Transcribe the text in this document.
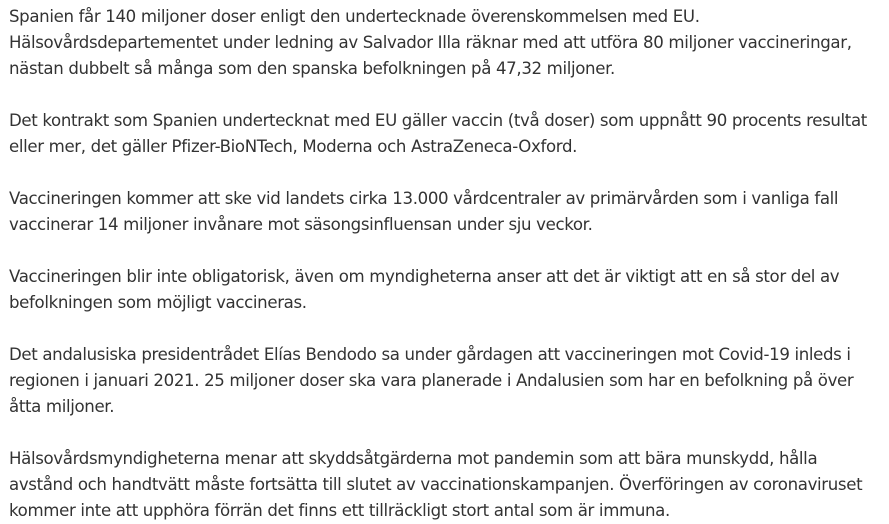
Spanien får 140 miljoner doser enligt den undertecknade överenskommelsen med EU. Hälsovårdsdepartementet under ledning av Salvador Illa räknar med att utföra 80 miljoner vaccineringar, nästan dubbelt så många som den spanska befolkningen på 47,32 miljoner.

Det kontrakt som Spanien undertecknat med EU gäller vaccin (två doser) som uppnått 90 procents resultat eller mer, det gäller Pfizer-BioNTech, Moderna och AstraZeneca-Oxford.

Vaccineringen kommer att ske vid landets cirka 13.000 vårdcentraler av primärvården som i vanliga fall vaccinerar 14 miljoner invånare mot säsongsinfluensan under sju veckor.

Vaccineringen blir inte obligatorisk, även om myndigheterna anser att det är viktigt att en så stor del av befolkningen som möjligt vaccineras.

Det andalusiska presidentrådet Elías Bendodo sa under gårdagen att vaccineringen mot Covid-19 inleds i regionen i januari 2021. 25 miljoner doser ska vara planerade i Andalusien som har en befolkning på över åtta miljoner.

Hälsovårdsmyndigheterna menar att skyddsåtgärderna mot pandemin som att bära munskydd, hålla avstånd och handtvätt måste fortsätta till slutet av vaccinationskampanjen. Överföringen av coronaviruset kommer inte att upphöra förrän det finns ett tillräckligt stort antal som är immuna.
